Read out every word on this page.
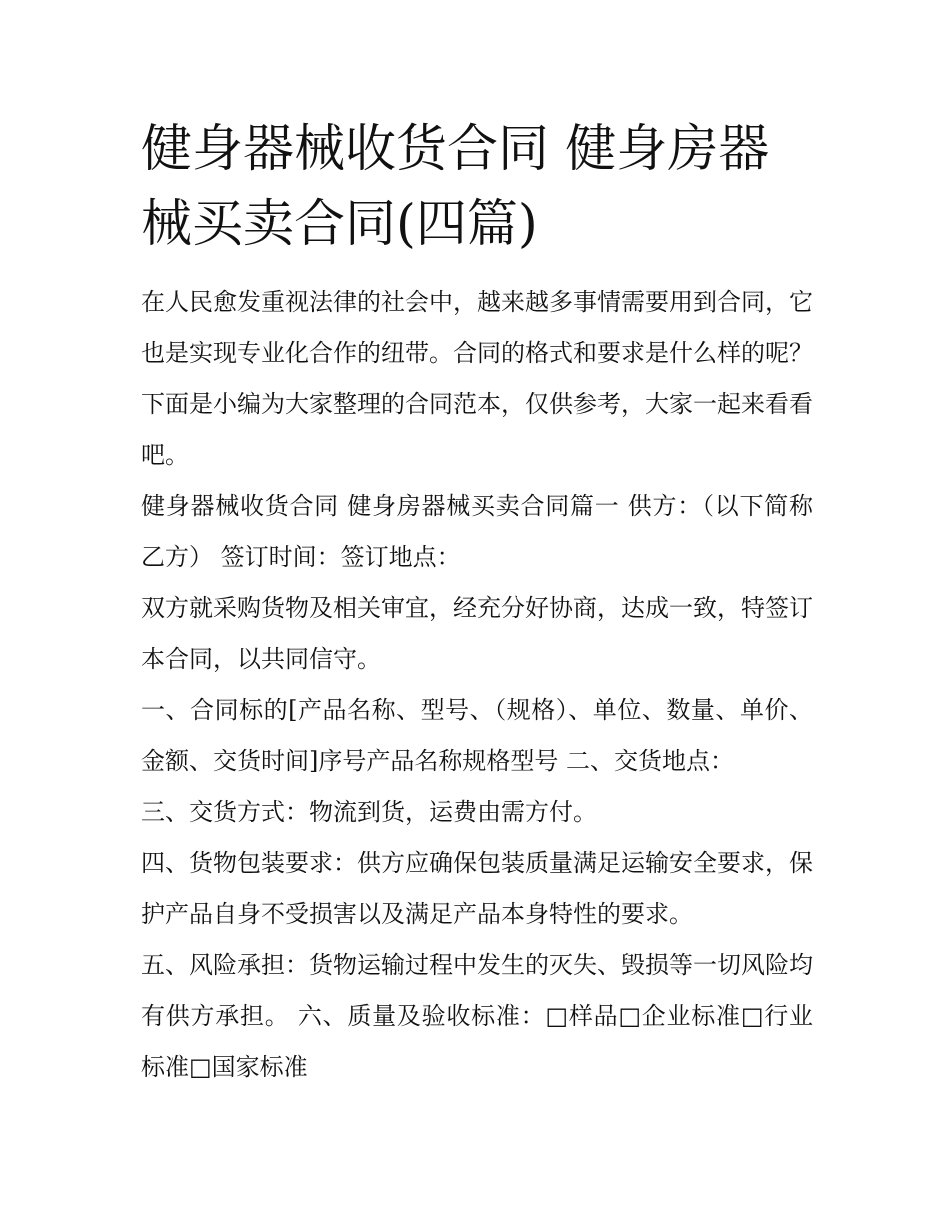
健身器械收货合同 健身房器械买卖合同(四篇)

在人民愈发重视法律的社会中，越来越多事情需要用到合同，它也是实现专业化合作的纽带。合同的格式和要求是什么样的呢？下面是小编为大家整理的合同范本，仅供参考，大家一起来看看吧。

健身器械收货合同 健身房器械买卖合同篇一 供方：（以下简称乙方） 签订时间：签订地点：

双方就采购货物及相关审宜，经充分好协商，达成一致，特签订本合同，以共同信守。

一、合同标的[产品名称、型号、（规格）、单位、数量、单价、金额、交货时间]序号产品名称规格型号 二、交货地点：

三、交货方式：物流到货，运费由需方付。

四、货物包装要求：供方应确保包装质量满足运输安全要求，保护产品自身不受损害以及满足产品本身特性的要求。

五、风险承担：货物运输过程中发生的灭失、毁损等一切风险均有供方承担。 六、质量及验收标准：□样品□企业标准□行业标准□国家标准
